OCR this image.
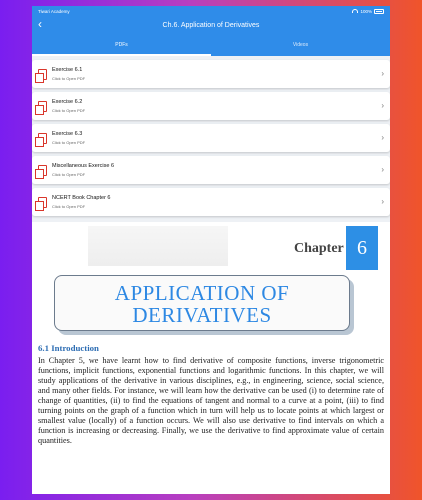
Tiwari Academy	100%
‹	Ch.6. Application of Derivatives
PDFs	Videos
Exercise 6.1
Click to Open PDF
›
Exercise 6.2
Click to Open PDF
›
Exercise 6.3
Click to Open PDF
›
Miscellaneous Exercise 6
Click to Open PDF
›
NCERT Book Chapter 6
Click to Open PDF
›
Chapter 6
APPLICATION OF
DERIVATIVES
6.1 Introduction
In Chapter 5, we have learnt how to find derivative of composite functions, inverse trigonometric functions, implicit functions, exponential functions and logarithmic functions. In this chapter, we will study applications of the derivative in various disciplines, e.g., in engineering, science, social science, and many other fields. For instance, we will learn how the derivative can be used (i) to determine rate of change of quantities, (ii) to find the equations of tangent and normal to a curve at a point, (iii) to find turning points on the graph of a function which in turn will help us to locate points at which largest or smallest value (locally) of a function occurs. We will also use derivative to find intervals on which a function is increasing or decreasing. Finally, we use the derivative to find approximate value of certain quantities.
